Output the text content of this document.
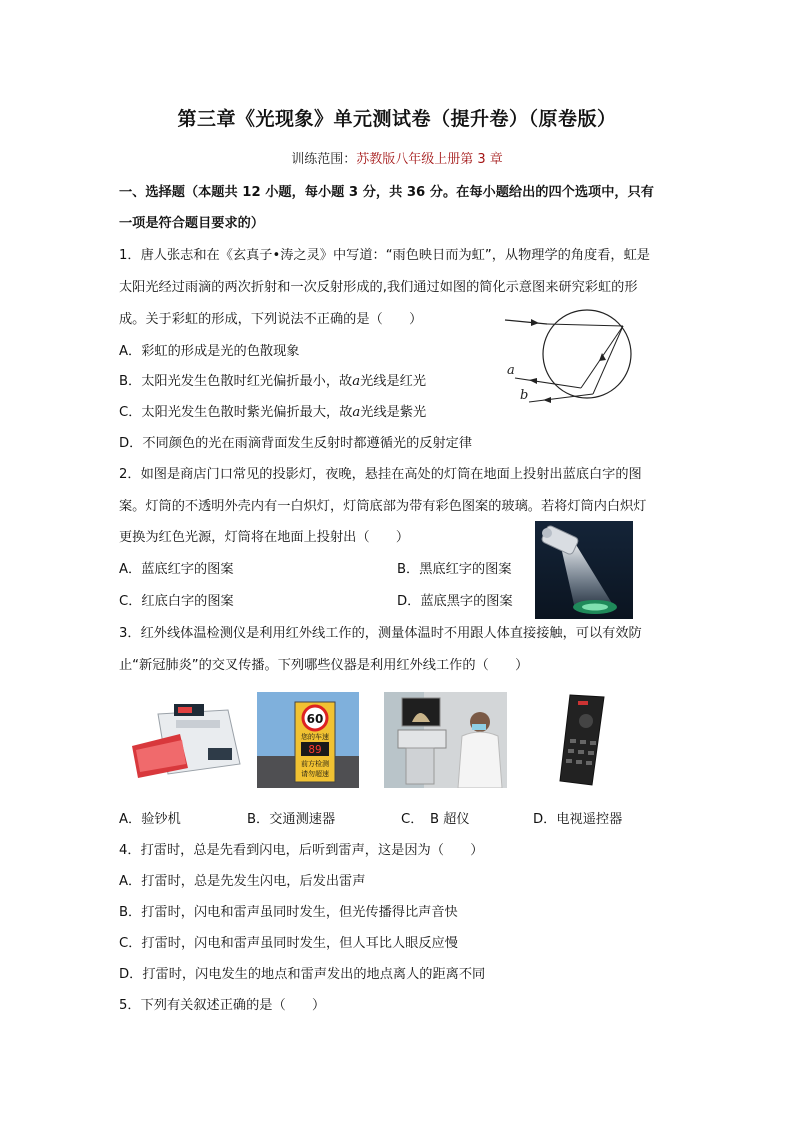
第三章《光现象》单元测试卷（提升卷）（原卷版）
训练范围：苏教版八年级上册第 3 章
一、选择题（本题共 12 小题，每小题 3 分，共 36 分。在每小题给出的四个选项中，只有
一项是符合题目要求的）
1．唐人张志和在《玄真子•涛之灵》中写道：“雨色映日而为虹”，从物理学的角度看，虹是
太阳光经过雨滴的两次折射和一次反射形成的,我们通过如图的简化示意图来研究彩虹的形
成。关于彩虹的形成，下列说法不正确的是（　　）
A．彩虹的形成是光的色散现象
B．太阳光发生色散时红光偏折最小，故a光线是红光
C．太阳光发生色散时紫光偏折最大，故a光线是紫光
D．不同颜色的光在雨滴背面发生反射时都遵循光的反射定律
a
b
2．如图是商店门口常见的投影灯，夜晚，悬挂在高处的灯筒在地面上投射出蓝底白字的图
案。灯筒的不透明外壳内有一白炽灯，灯筒底部为带有彩色图案的玻璃。若将灯筒内白炽灯
更换为红色光源，灯筒将在地面上投射出（　　）
A．蓝底红字的图案	B．黑底红字的图案
C．红底白字的图案	D．蓝底黑字的图案
3．红外线体温检测仪是利用红外线工作的，测量体温时不用跟人体直接接触，可以有效防
止“新冠肺炎”的交叉传播。下列哪些仪器是利用红外线工作的（　　）
60
您的车速
89
前方检测
请勿超速
A．验钞机	B．交通测速器	C．　B 超仪	D．电视遥控器
4．打雷时，总是先看到闪电，后听到雷声，这是因为（　　）
A．打雷时，总是先发生闪电，后发出雷声
B．打雷时，闪电和雷声虽同时发生，但光传播得比声音快
C．打雷时，闪电和雷声虽同时发生，但人耳比人眼反应慢
D．打雷时，闪电发生的地点和雷声发出的地点离人的距离不同
5．下列有关叙述正确的是（　　）
